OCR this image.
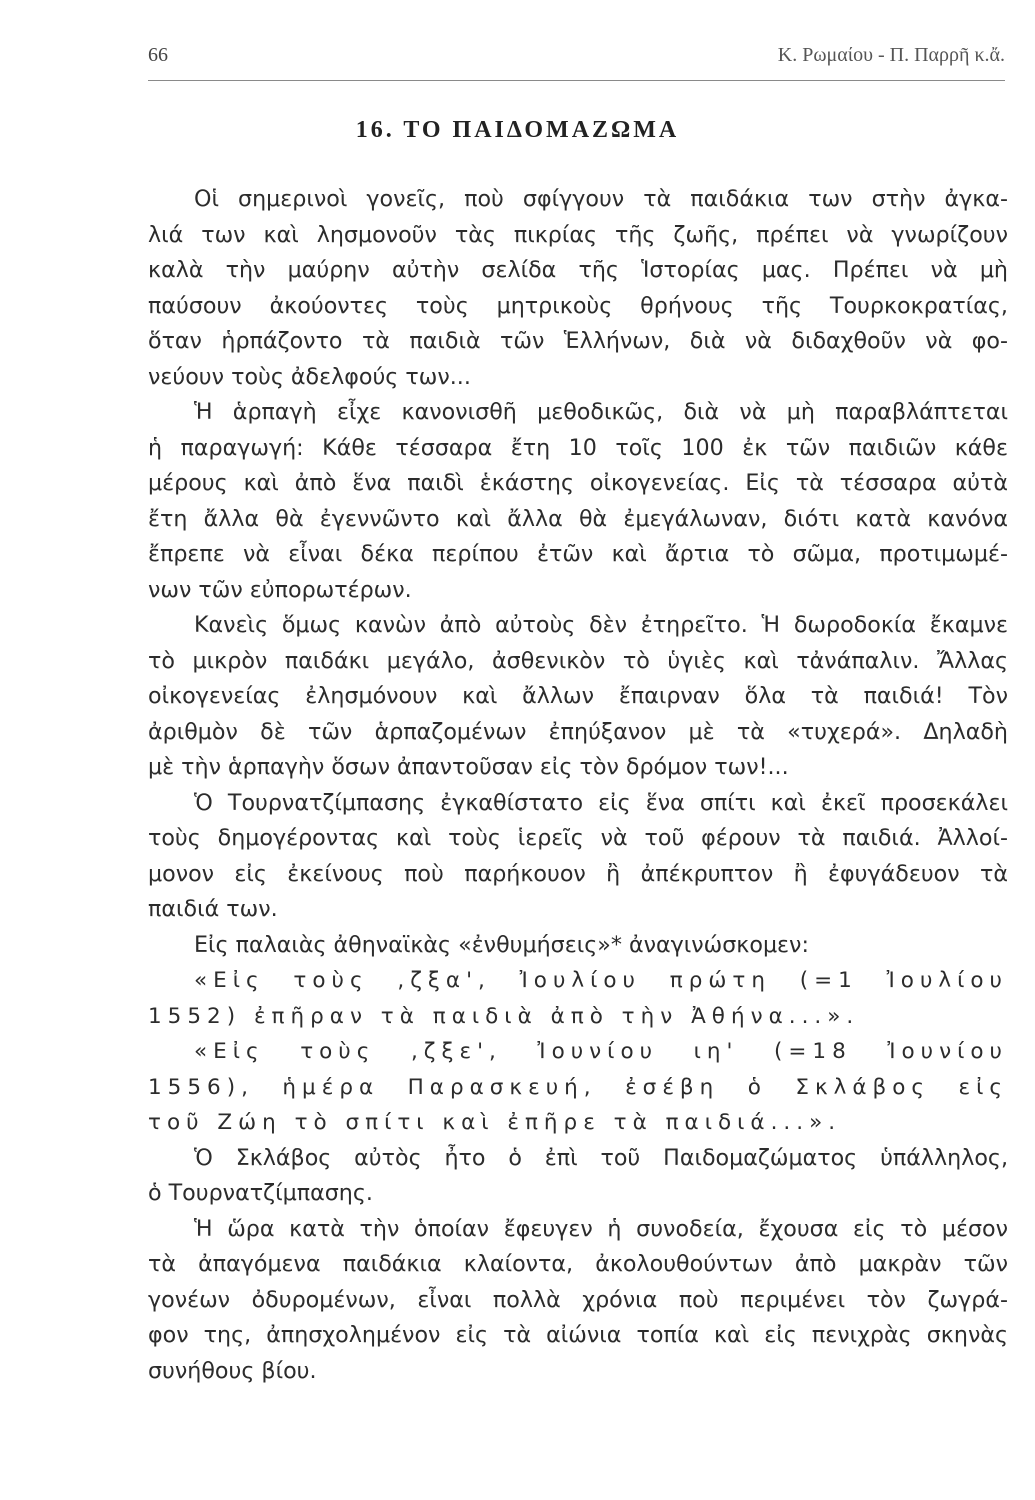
66	Κ. Ρωμαίου - Π. Παρρῆ κ.ἄ.
16. ΤΟ ΠΑΙΔΟΜΑΖΩΜΑ
Οἱ σημερινοὶ γονεῖς, ποὺ σφίγγουν τὰ παιδάκια των στὴν ἀγκα-
λιά των καὶ λησμονοῦν τὰς πικρίας τῆς ζωῆς, πρέπει νὰ γνωρίζουν
καλὰ τὴν μαύρην αὐτὴν σελίδα τῆς Ἱστορίας μας. Πρέπει νὰ μὴ
παύσουν ἀκούοντες τοὺς μητρικοὺς θρήνους τῆς Τουρκοκρατίας,
ὅταν ἡρπάζοντο τὰ παιδιὰ τῶν Ἑλλήνων, διὰ νὰ διδαχθοῦν νὰ φο-
νεύουν τοὺς ἀδελφούς των...
Ἡ ἁρπαγὴ εἶχε κανονισθῆ μεθοδικῶς, διὰ νὰ μὴ παραβλάπτεται
ἡ παραγωγή: Κάθε τέσσαρα ἔτη 10 τοῖς 100 ἐκ τῶν παιδιῶν κάθε
μέρους καὶ ἀπὸ ἕνα παιδὶ ἑκάστης οἰκογενείας. Εἰς τὰ τέσσαρα αὐτὰ
ἔτη ἄλλα θὰ ἐγεννῶντο καὶ ἄλλα θὰ ἐμεγάλωναν, διότι κατὰ κανόνα
ἔπρεπε νὰ εἶναι δέκα περίπου ἐτῶν καὶ ἄρτια τὸ σῶμα, προτιμωμέ-
νων τῶν εὐπορωτέρων.
Κανεὶς ὅμως κανὼν ἀπὸ αὐτοὺς δὲν ἐτηρεῖτο. Ἡ δωροδοκία ἔκαμνε
τὸ μικρὸν παιδάκι μεγάλο, ἀσθενικὸν τὸ ὑγιὲς καὶ τἀνάπαλιν. Ἄλλας
οἰκογενείας ἐλησμόνουν καὶ ἄλλων ἔπαιρναν ὅλα τὰ παιδιά! Τὸν
ἀριθμὸν δὲ τῶν ἁρπαζομένων ἐπηύξανον μὲ τὰ «τυχερά». Δηλαδὴ
μὲ τὴν ἁρπαγὴν ὅσων ἀπαντοῦσαν εἰς τὸν δρόμον των!...
Ὁ Τουρνατζίμπασης ἐγκαθίστατο εἰς ἕνα σπίτι καὶ ἐκεῖ προσεκάλει
τοὺς δημογέροντας καὶ τοὺς ἱερεῖς νὰ τοῦ φέρουν τὰ παιδιά. Ἀλλοί-
μονον εἰς ἐκείνους ποὺ παρήκουον ἢ ἀπέκρυπτον ἢ ἐφυγάδευον τὰ
παιδιά των.
Εἰς παλαιὰς ἀθηναϊκὰς «ἐνθυμήσεις»* ἀναγινώσκομεν:
«Εἰς τοὺς ,ζξα', Ἰουλίου πρώτη (=1 Ἰουλίου
1552) ἐπῆραν τὰ παιδιὰ ἀπὸ τὴν Ἀθήνα...».
«Εἰς τοὺς ,ζξε', Ἰουνίου ιη' (=18 Ἰουνίου
1556), ἡμέρα Παρασκευή, ἐσέβη ὁ Σκλάβος εἰς
τοῦ Ζώη τὸ σπίτι καὶ ἐπῆρε τὰ παιδιά...».
Ὁ Σκλάβος αὐτὸς ἦτο ὁ ἐπὶ τοῦ Παιδομαζώματος ὑπάλληλος,
ὁ Τουρνατζίμπασης.
Ἡ ὥρα κατὰ τὴν ὁποίαν ἔφευγεν ἡ συνοδεία, ἔχουσα εἰς τὸ μέσον
τὰ ἀπαγόμενα παιδάκια κλαίοντα, ἀκολουθούντων ἀπὸ μακρὰν τῶν
γονέων ὀδυρομένων, εἶναι πολλὰ χρόνια ποὺ περιμένει τὸν ζωγρά-
φον της, ἀπησχολημένον εἰς τὰ αἰώνια τοπία καὶ εἰς πενιχρὰς σκηνὰς
συνήθους βίου.
